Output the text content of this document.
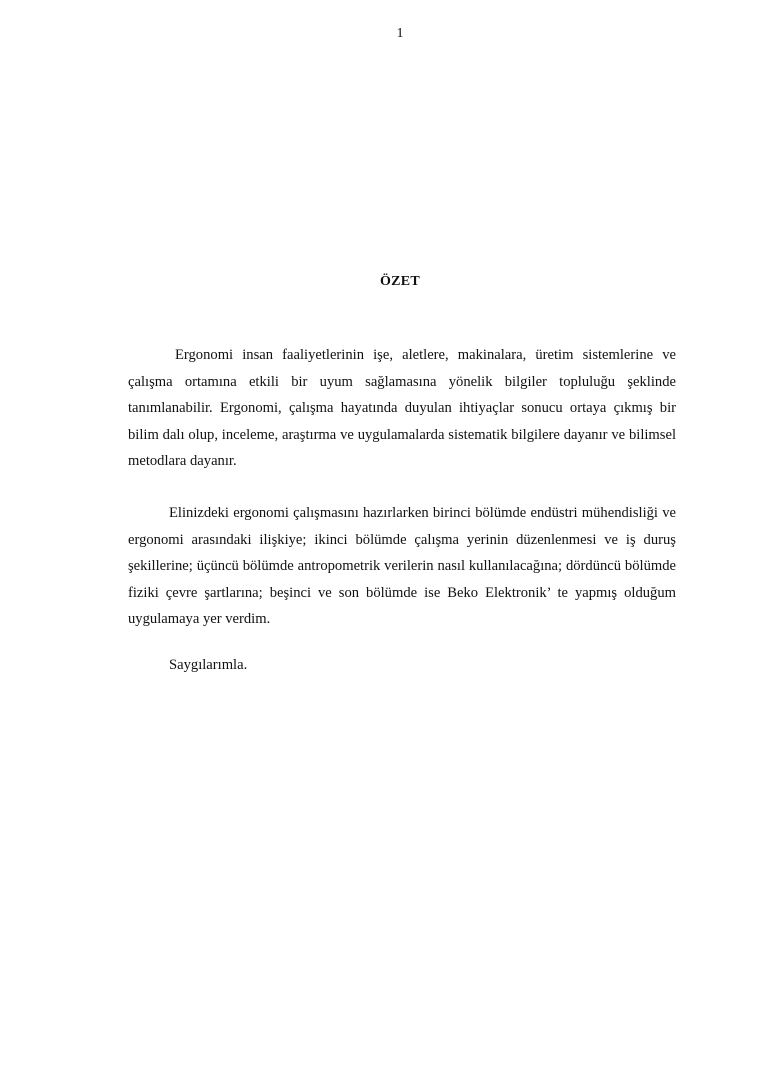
1
ÖZET

Ergonomi insan faaliyetlerinin işe, aletlere, makinalara, üretim sistemlerine ve çalışma ortamına etkili bir uyum sağlamasına yönelik bilgiler topluluğu şeklinde tanımlanabilir. Ergonomi, çalışma hayatında duyulan ihtiyaçlar sonucu ortaya çıkmış bir bilim dalı olup, inceleme, araştırma ve uygulamalarda sistematik bilgilere dayanır ve bilimsel metodlara dayanır.

Elinizdeki ergonomi çalışmasını hazırlarken birinci bölümde endüstri mühendisliği ve ergonomi arasındaki ilişkiye; ikinci bölümde çalışma yerinin düzenlenmesi ve iş duruş şekillerine; üçüncü bölümde antropometrik verilerin nasıl kullanılacağına; dördüncü bölümde fiziki çevre şartlarına; beşinci ve son bölümde ise Beko Elektronik’ te yapmış olduğum uygulamaya yer verdim.

Saygılarımla.
